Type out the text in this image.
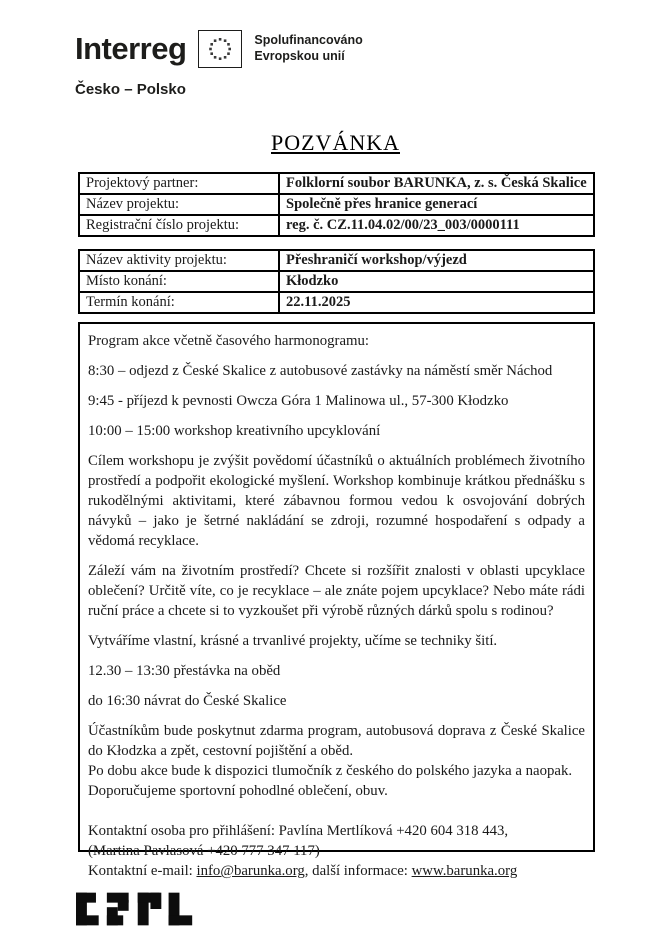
Interreg	Spolufinancováno
Evropskou unií
Česko – Polsko
POZVÁNKA
Projektový partner:	Folklorní soubor BARUNKA, z. s. Česká Skalice
Název projektu:	Společně přes hranice generací
Registrační číslo projektu:	reg. č. CZ.11.04.02/00/23_003/0000111
Název aktivity projektu:	Přeshraničí workshop/výjezd
Místo konání:	Kłodzko
Termín konání:	22.11.2025

Program akce včetně časového harmonogramu:

8:30 – odjezd z České Skalice z autobusové zastávky na náměstí směr Náchod

9:45 - příjezd k pevnosti Owcza Góra 1 Malinowa ul., 57-300 Kłodzko

10:00 – 15:00 workshop kreativního upcyklování

Cílem workshopu je zvýšit povědomí účastníků o aktuálních problémech životního prostředí a podpořit ekologické myšlení. Workshop kombinuje krátkou přednášku s rukodělnými aktivitami, které zábavnou formou vedou k osvojování dobrých návyků – jako je šetrné nakládání se zdroji, rozumné hospodaření s odpady a vědomá recyklace.

Záleží vám na životním prostředí? Chcete si rozšířit znalosti v oblasti upcyklace oblečení? Určitě víte, co je recyklace – ale znáte pojem upcyklace? Nebo máte rádi ruční práce a chcete si to vyzkoušet při výrobě různých dárků spolu s rodinou?

Vytváříme vlastní, krásné a trvanlivé projekty, učíme se techniky šití.

12.30 – 13:30 přestávka na oběd

do 16:30 návrat do České Skalice

Účastníkům bude poskytnut zdarma program, autobusová doprava z České Skalice do Kłodzka a zpět, cestovní pojištění a oběd.
Po dobu akce bude k dispozici tlumočník z českého do polského jazyka a naopak.
Doporučujeme sportovní pohodlné oblečení, obuv.
Kontaktní osoba pro přihlášení: Pavlína Mertlíková +420 604 318 443,
(Martina Pavlasová +420 777 347 117)
Kontaktní e-mail: info@barunka.org, další informace: www.barunka.org
